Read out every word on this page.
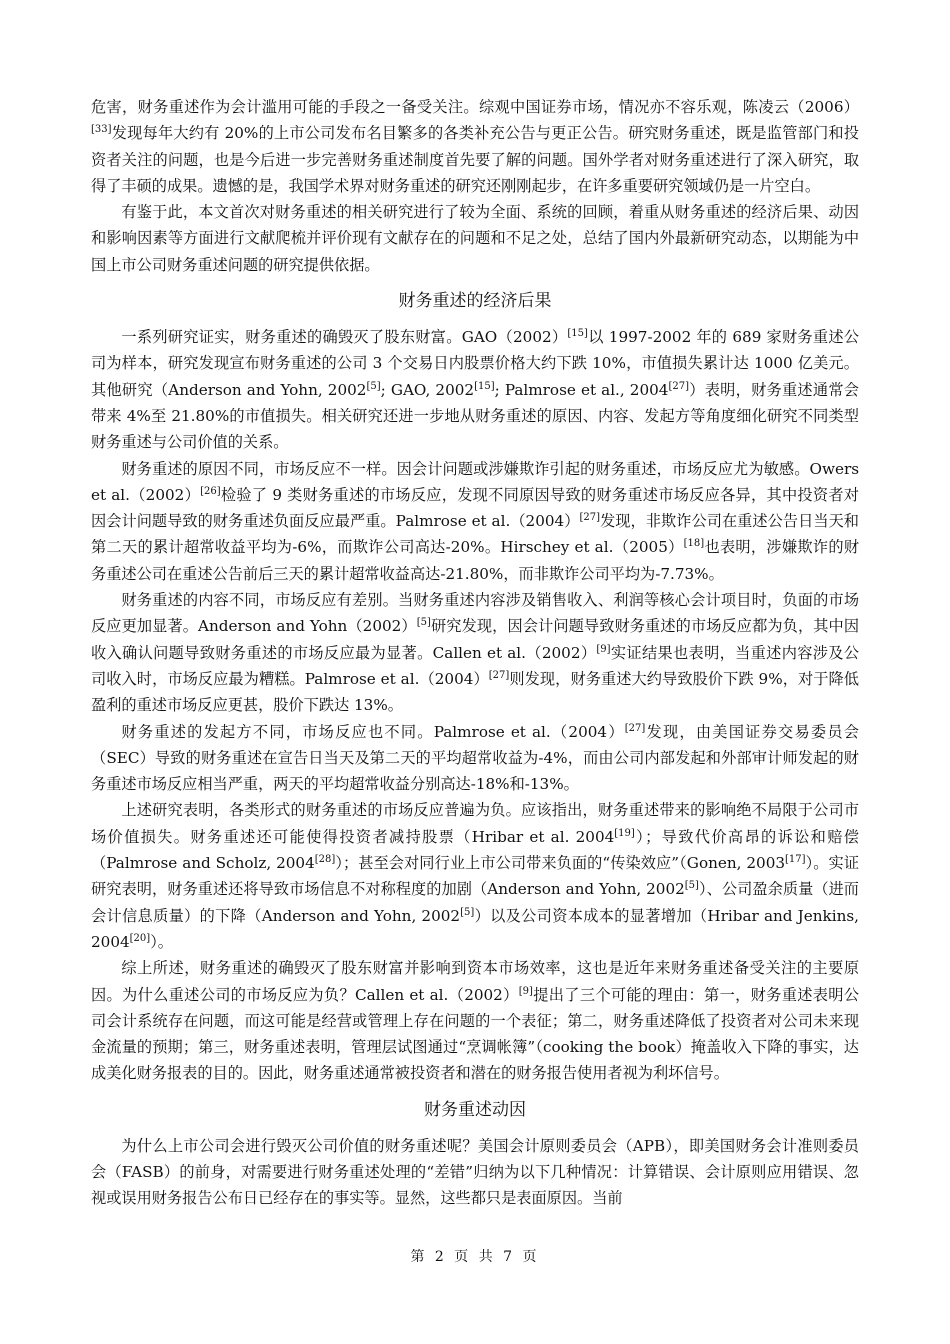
危害，财务重述作为会计滥用可能的手段之一备受关注。综观中国证券市场，情况亦不容乐观，陈凌云（2006）[33]发现每年大约有 20%的上市公司发布名目繁多的各类补充公告与更正公告。研究财务重述，既是监管部门和投资者关注的问题，也是今后进一步完善财务重述制度首先要了解的问题。国外学者对财务重述进行了深入研究，取得了丰硕的成果。遗憾的是，我国学术界对财务重述的研究还刚刚起步，在许多重要研究领域仍是一片空白。

有鉴于此，本文首次对财务重述的相关研究进行了较为全面、系统的回顾，着重从财务重述的经济后果、动因和影响因素等方面进行文献爬梳并评价现有文献存在的问题和不足之处，总结了国内外最新研究动态，以期能为中国上市公司财务重述问题的研究提供依据。

财务重述的经济后果

一系列研究证实，财务重述的确毁灭了股东财富。GAO（2002）[15]以 1997-2002 年的 689 家财务重述公司为样本，研究发现宣布财务重述的公司 3 个交易日内股票价格大约下跌 10%，市值损失累计达 1000 亿美元。其他研究（Anderson and Yohn, 2002[5]; GAO, 2002[15]; Palmrose et al., 2004[27]）表明，财务重述通常会带来 4%至 21.80%的市值损失。相关研究还进一步地从财务重述的原因、内容、发起方等角度细化研究不同类型财务重述与公司价值的关系。

财务重述的原因不同，市场反应不一样。因会计问题或涉嫌欺诈引起的财务重述，市场反应尤为敏感。Owers et al.（2002）[26]检验了 9 类财务重述的市场反应，发现不同原因导致的财务重述市场反应各异，其中投资者对因会计问题导致的财务重述负面反应最严重。Palmrose et al.（2004）[27]发现，非欺诈公司在重述公告日当天和第二天的累计超常收益平均为-6%，而欺诈公司高达-20%。Hirschey et al.（2005）[18]也表明，涉嫌欺诈的财务重述公司在重述公告前后三天的累计超常收益高达-21.80%，而非欺诈公司平均为-7.73%。

财务重述的内容不同，市场反应有差别。当财务重述内容涉及销售收入、利润等核心会计项目时，负面的市场反应更加显著。Anderson and Yohn（2002）[5]研究发现，因会计问题导致财务重述的市场反应都为负，其中因收入确认问题导致财务重述的市场反应最为显著。Callen et al.（2002）[9]实证结果也表明，当重述内容涉及公司收入时，市场反应最为糟糕。Palmrose et al.（2004）[27]则发现，财务重述大约导致股价下跌 9%，对于降低盈利的重述市场反应更甚，股价下跌达 13%。

财务重述的发起方不同，市场反应也不同。Palmrose et al.（2004）[27]发现，由美国证券交易委员会（SEC）导致的财务重述在宣告日当天及第二天的平均超常收益为-4%，而由公司内部发起和外部审计师发起的财务重述市场反应相当严重，两天的平均超常收益分别高达-18%和-13%。

上述研究表明，各类形式的财务重述的市场反应普遍为负。应该指出，财务重述带来的影响绝不局限于公司市场价值损失。财务重述还可能使得投资者减持股票（Hribar et al. 2004[19]）；导致代价高昂的诉讼和赔偿（Palmrose and Scholz, 2004[28]）；甚至会对同行业上市公司带来负面的“传染效应”（Gonen, 2003[17]）。实证研究表明，财务重述还将导致市场信息不对称程度的加剧（Anderson and Yohn, 2002[5]）、公司盈余质量（进而会计信息质量）的下降（Anderson and Yohn, 2002[5]）以及公司资本成本的显著增加（Hribar and Jenkins, 2004[20]）。

综上所述，财务重述的确毁灭了股东财富并影响到资本市场效率，这也是近年来财务重述备受关注的主要原因。为什么重述公司的市场反应为负？Callen et al.（2002）[9]提出了三个可能的理由：第一，财务重述表明公司会计系统存在问题，而这可能是经营或管理上存在问题的一个表征；第二，财务重述降低了投资者对公司未来现金流量的预期；第三，财务重述表明，管理层试图通过“烹调帐簿”（cooking the book）掩盖收入下降的事实，达成美化财务报表的目的。因此，财务重述通常被投资者和潜在的财务报告使用者视为利坏信号。

财务重述动因

为什么上市公司会进行毁灭公司价值的财务重述呢？美国会计原则委员会（APB），即美国财务会计准则委员会（FASB）的前身，对需要进行财务重述处理的“差错”归纳为以下几种情况：计算错误、会计原则应用错误、忽视或误用财务报告公布日已经存在的事实等。显然，这些都只是表面原因。当前

第 2 页 共 7 页
